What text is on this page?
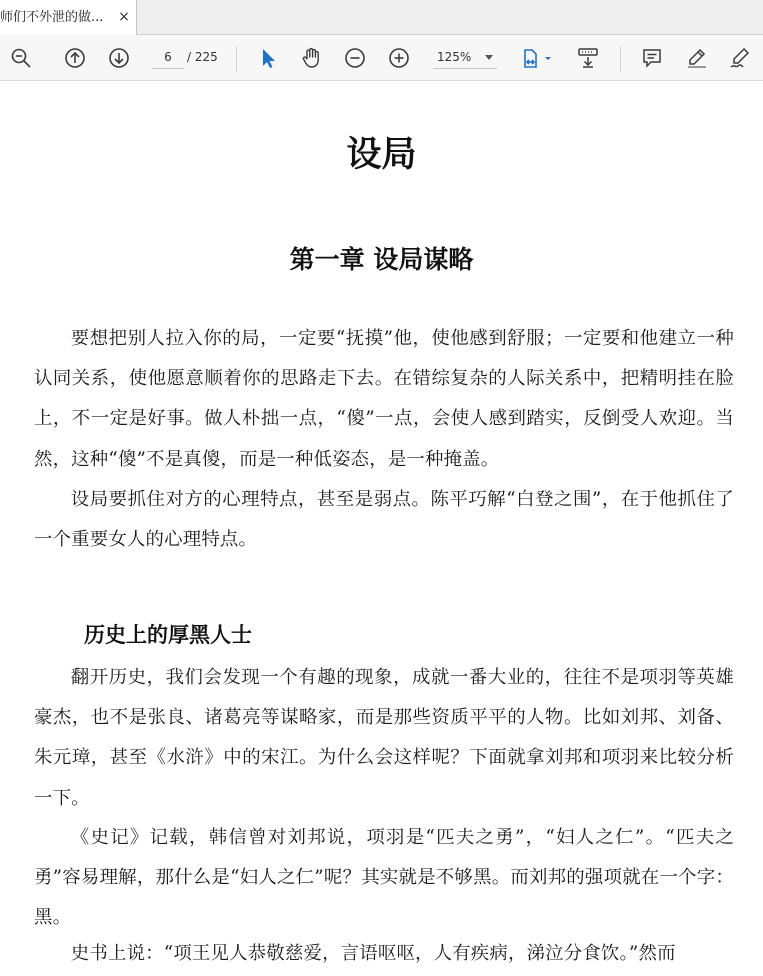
师们不外泄的做...	×
6
/ 225	125%
设局
第一章 设局谋略

要想把别人拉入你的局，一定要“抚摸”他，使他感到舒服；一定要和他建立一种认同关系，使他愿意顺着你的思路走下去。在错综复杂的人际关系中，把精明挂在脸上，不一定是好事。做人朴拙一点，“傻”一点，会使人感到踏实，反倒受人欢迎。当然，这种“傻”不是真傻，而是一种低姿态，是一种掩盖。

设局要抓住对方的心理特点，甚至是弱点。陈平巧解“白登之围”，在于他抓住了一个重要女人的心理特点。

历史上的厚黑人士

翻开历史，我们会发现一个有趣的现象，成就一番大业的，往往不是项羽等英雄豪杰，也不是张良、诸葛亮等谋略家，而是那些资质平平的人物。比如刘邦、刘备、朱元璋，甚至《水浒》中的宋江。为什么会这样呢？下面就拿刘邦和项羽来比较分析一下。

《史记》记载，韩信曾对刘邦说，项羽是“匹夫之勇”，“妇人之仁”。“匹夫之勇”容易理解，那什么是“妇人之仁”呢？其实就是不够黑。而刘邦的强项就在一个字：黑。

史书上说：“项王见人恭敬慈爱，言语呕呕，人有疾病，涕泣分食饮。”然而
